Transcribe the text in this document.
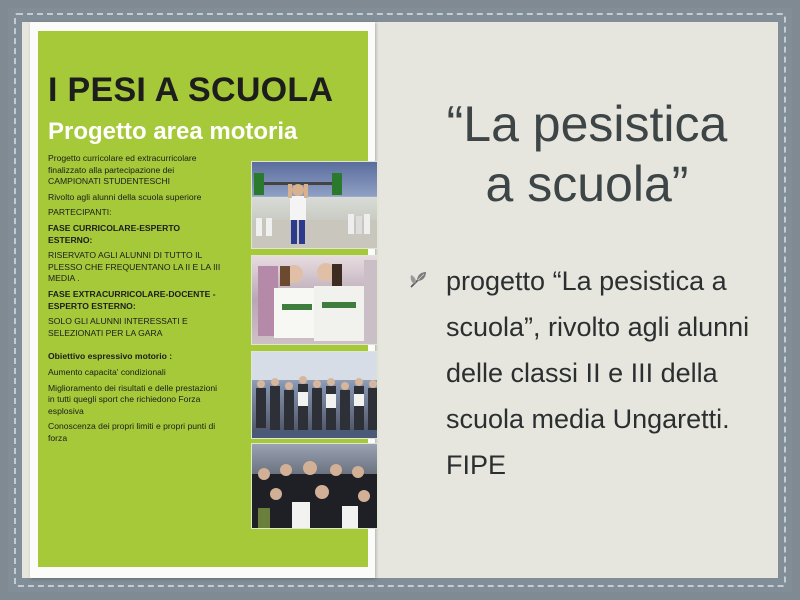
I PESI A SCUOLA
Progetto area motoria
Progetto curricolare ed extracurricolare
finalizzato alla partecipazione dei
CAMPIONATI STUDENTESCHI
Rivolto agli alunni della scuola superiore
PARTECIPANTI:
FASE CURRICOLARE-ESPERTO
ESTERNO:
RISERVATO AGLI ALUNNI DI TUTTO IL
PLESSO CHE FREQUENTANO LA II E LA III
MEDIA .
FASE EXTRACURRICOLARE-DOCENTE -
ESPERTO ESTERNO:
SOLO GLI ALUNNI INTERESSATI E
SELEZIONATI PER LA GARA
Obiettivo espressivo motorio :
Aumento capacita' condizionali
Miglioramento dei risultati e delle prestazioni
in tutti quegli sport che richiedono Forza
esplosiva
Conoscenza dei propri limiti e propri punti di
forza
“La pesistica
a scuola”
progetto “La pesistica a scuola”, rivolto agli alunni delle classi II e III della scuola media Ungaretti. FIPE
